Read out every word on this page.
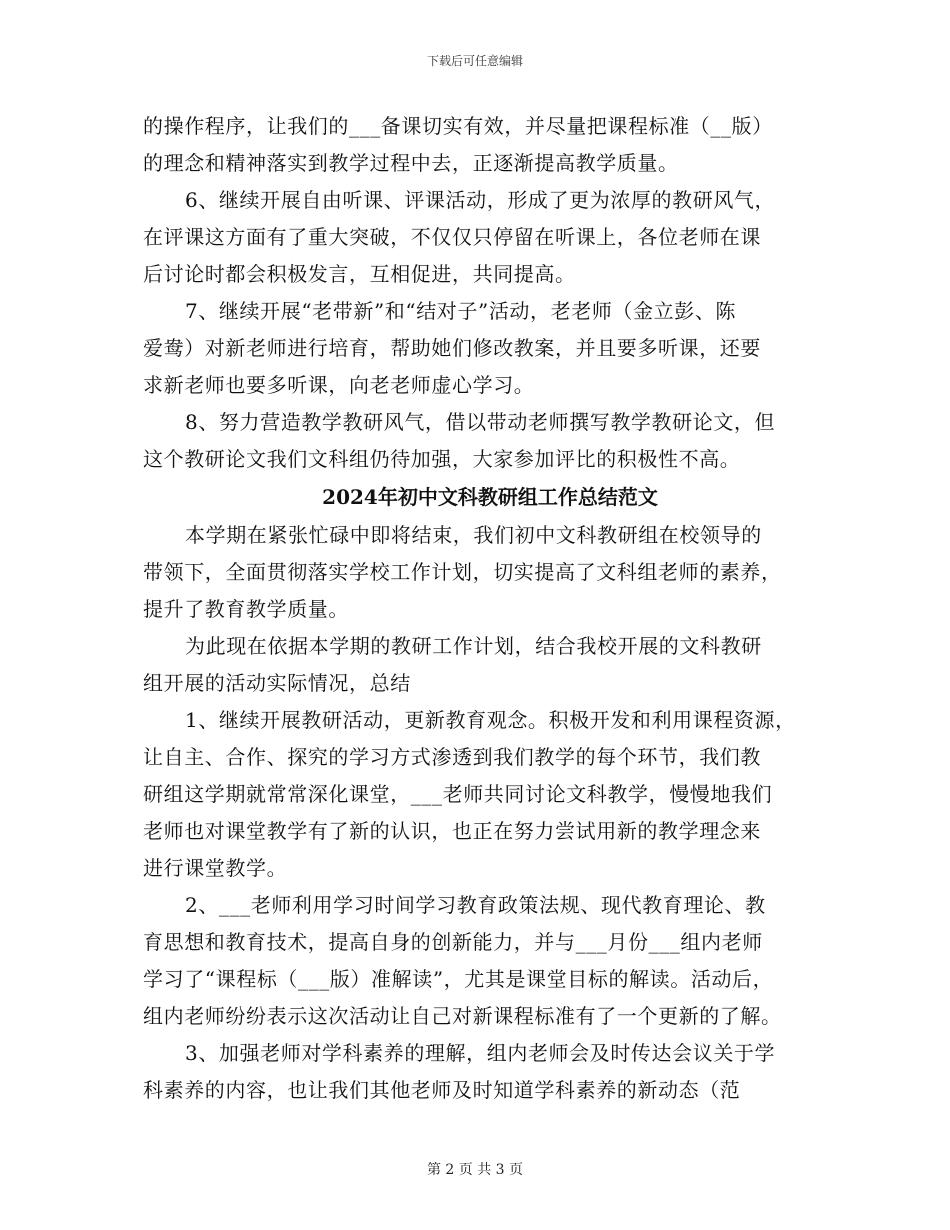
下载后可任意编辑
的操作程序，让我们的___备课切实有效，并尽量把课程标准（__版）
的理念和精神落实到教学过程中去，正逐渐提高教学质量。
6、继续开展自由听课、评课活动，形成了更为浓厚的教研风气，
在评课这方面有了重大突破，不仅仅只停留在听课上，各位老师在课
后讨论时都会积极发言，互相促进，共同提高。
7、继续开展“老带新”和“结对子”活动，老老师（金立彭、陈
爱鸯）对新老师进行培育，帮助她们修改教案，并且要多听课，还要
求新老师也要多听课，向老老师虚心学习。
8、努力营造教学教研风气，借以带动老师撰写教学教研论文，但
这个教研论文我们文科组仍待加强，大家参加评比的积极性不高。
2024年初中文科教研组工作总结范文
本学期在紧张忙碌中即将结束，我们初中文科教研组在校领导的
带领下，全面贯彻落实学校工作计划，切实提高了文科组老师的素养，
提升了教育教学质量。
为此现在依据本学期的教研工作计划，结合我校开展的文科教研
组开展的活动实际情况，总结
1、继续开展教研活动，更新教育观念。积极开发和利用课程资源，
让自主、合作、探究的学习方式渗透到我们教学的每个环节，我们教
研组这学期就常常深化课堂，___老师共同讨论文科教学，慢慢地我们
老师也对课堂教学有了新的认识，也正在努力尝试用新的教学理念来
进行课堂教学。
2、___老师利用学习时间学习教育政策法规、现代教育理论、教
育思想和教育技术，提高自身的创新能力，并与___月份___组内老师
学习了“课程标（___版）准解读”，尤其是课堂目标的解读。活动后，
组内老师纷纷表示这次活动让自己对新课程标准有了一个更新的了解。
3、加强老师对学科素养的理解，组内老师会及时传达会议关于学
科素养的内容，也让我们其他老师及时知道学科素养的新动态（范
第 2 页 共 3 页
